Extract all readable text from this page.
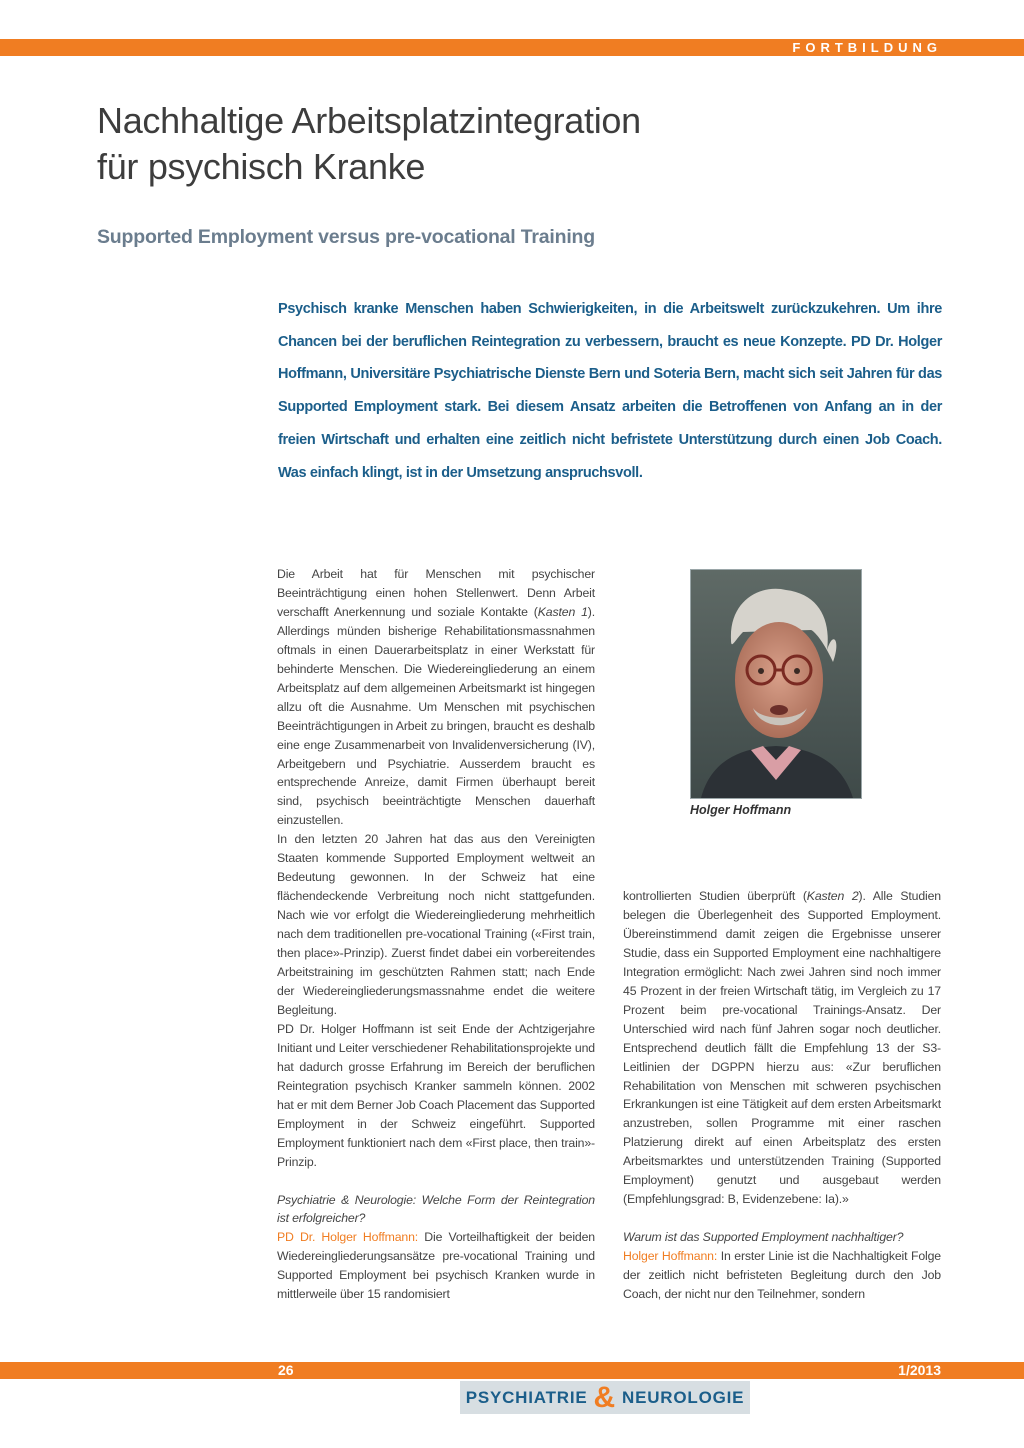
FORTBILDUNG
Nachhaltige Arbeitsplatzintegration
für psychisch Kranke
Supported Employment versus pre-vocational Training

Psychisch kranke Menschen haben Schwierigkeiten, in die Arbeitswelt zurückzukehren. Um ihre Chancen bei der beruflichen Reintegration zu verbessern, braucht es neue Konzepte. PD Dr. Holger Hoffmann, Universitäre Psychiatrische Dienste Bern und Soteria Bern, macht sich seit Jahren für das Supported Employment stark. Bei diesem Ansatz arbeiten die Betroffenen von Anfang an in der freien Wirtschaft und erhalten eine zeitlich nicht befristete Unterstützung durch einen Job Coach. Was einfach klingt, ist in der Umsetzung anspruchsvoll.

Die Arbeit hat für Menschen mit psychischer Beeinträchtigung einen hohen Stellenwert. Denn Arbeit verschafft Anerkennung und soziale Kontakte (Kasten 1). Allerdings münden bisherige Rehabilitationsmassnahmen oftmals in einen Dauerarbeitsplatz in einer Werkstatt für behinderte Menschen. Die Wiedereingliederung an einem Arbeitsplatz auf dem allgemeinen Arbeitsmarkt ist hingegen allzu oft die Ausnahme. Um Menschen mit psychischen Beeinträchtigungen in Arbeit zu bringen, braucht es deshalb eine enge Zusammenarbeit von Invalidenversicherung (IV), Arbeitgebern und Psychiatrie. Ausserdem braucht es entsprechende Anreize, damit Firmen überhaupt bereit sind, psychisch beeinträchtigte Menschen dauerhaft einzustellen.

In den letzten 20 Jahren hat das aus den Vereinigten Staaten kommende Supported Employment weltweit an Bedeutung gewonnen. In der Schweiz hat eine flächendeckende Verbreitung noch nicht stattgefunden. Nach wie vor erfolgt die Wiedereingliederung mehrheitlich nach dem traditionellen pre-vocational Training («First train, then place»-Prinzip). Zuerst findet dabei ein vorbereitendes Arbeitstraining im geschützten Rahmen statt; nach Ende der Wiedereingliederungsmassnahme endet die weitere Begleitung.

PD Dr. Holger Hoffmann ist seit Ende der Achtzigerjahre Initiant und Leiter verschiedener Rehabilitationsprojekte und hat dadurch grosse Erfahrung im Bereich der beruflichen Reintegration psychisch Kranker sammeln können. 2002 hat er mit dem Berner Job Coach Placement das Supported Employment in der Schweiz eingeführt. Supported Employment funktioniert nach dem «First place, then train»-Prinzip.

Psychiatrie & Neurologie: Welche Form der Reintegration ist erfolgreicher?

PD Dr. Holger Hoffmann: Die Vorteilhaftigkeit der beiden Wiedereingliederungsansätze pre-vocational Training und Supported Employment bei psychisch Kranken wurde in mittlerweile über 15 randomisiert

Holger Hoffmann

kontrollierten Studien überprüft (Kasten 2). Alle Studien belegen die Überlegenheit des Supported Employment. Übereinstimmend damit zeigen die Ergebnisse unserer Studie, dass ein Supported Employment eine nachhaltigere Integration ermöglicht: Nach zwei Jahren sind noch immer 45 Prozent in der freien Wirtschaft tätig, im Vergleich zu 17 Prozent beim pre-vocational Trainings-Ansatz. Der Unterschied wird nach fünf Jahren sogar noch deutlicher. Entsprechend deutlich fällt die Empfehlung 13 der S3-Leitlinien der DGPPN hierzu aus: «Zur beruflichen Rehabilitation von Menschen mit schweren psychischen Erkrankungen ist eine Tätigkeit auf dem ersten Arbeitsmarkt anzustreben, sollen Programme mit einer raschen Platzierung direkt auf einen Arbeitsplatz des ersten Arbeitsmarktes und unterstützenden Training (Supported Employment) genutzt und ausgebaut werden (Empfehlungsgrad: B, Evidenzebene: Ia).»

Warum ist das Supported Employment nachhaltiger?

Holger Hoffmann: In erster Linie ist die Nachhaltigkeit Folge der zeitlich nicht befristeten Begleitung durch den Job Coach, der nicht nur den Teilnehmer, sondern

26	1/2013
PSYCHIATRIE & NEUROLOGIE
